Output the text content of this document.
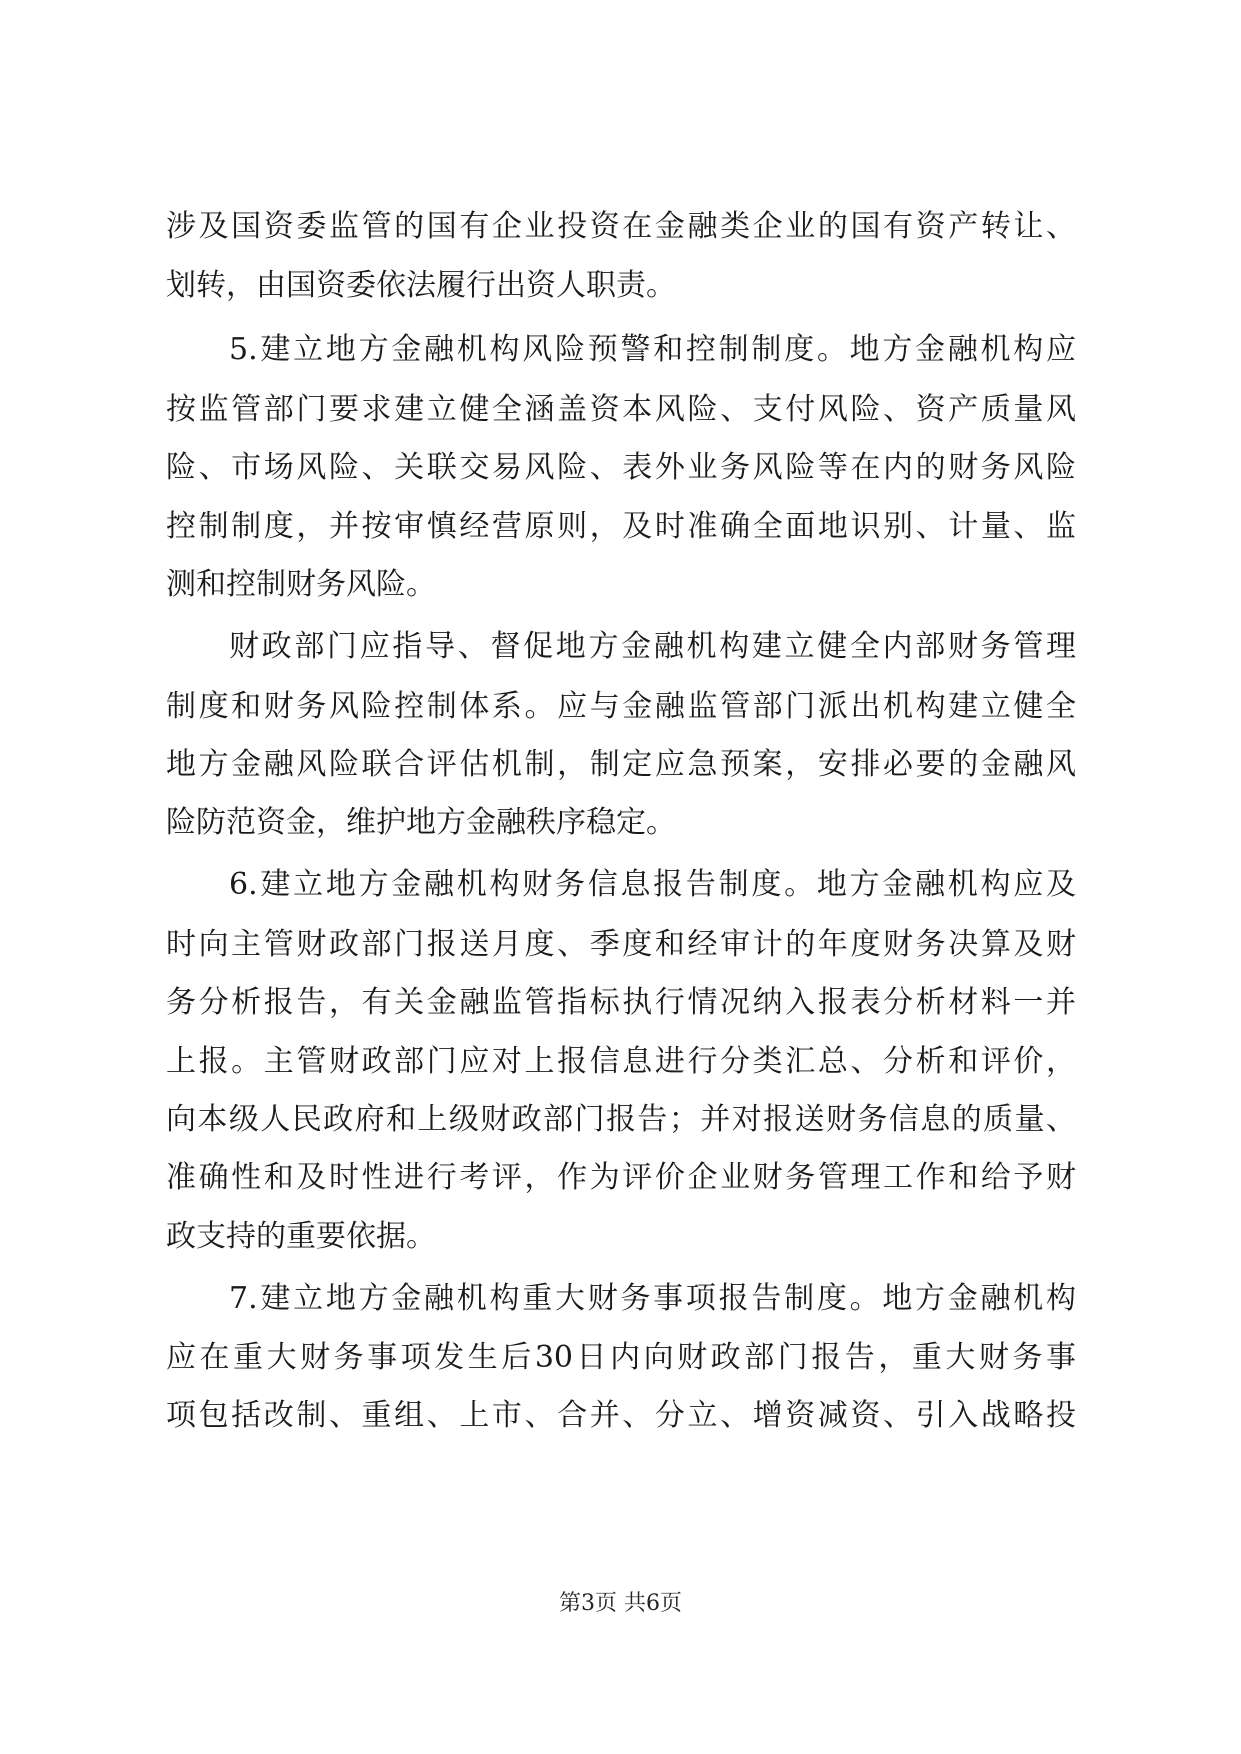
涉及国资委监管的国有企业投资在金融类企业的国有资产转让、
划转，由国资委依法履行出资人职责。
5.建立地方金融机构风险预警和控制制度。地方金融机构应
按监管部门要求建立健全涵盖资本风险、支付风险、资产质量风
险、市场风险、关联交易风险、表外业务风险等在内的财务风险
控制制度，并按审慎经营原则，及时准确全面地识别、计量、监
测和控制财务风险。
财政部门应指导、督促地方金融机构建立健全内部财务管理
制度和财务风险控制体系。应与金融监管部门派出机构建立健全
地方金融风险联合评估机制，制定应急预案，安排必要的金融风
险防范资金，维护地方金融秩序稳定。
6.建立地方金融机构财务信息报告制度。地方金融机构应及
时向主管财政部门报送月度、季度和经审计的年度财务决算及财
务分析报告，有关金融监管指标执行情况纳入报表分析材料一并
上报。主管财政部门应对上报信息进行分类汇总、分析和评价，
向本级人民政府和上级财政部门报告；并对报送财务信息的质量、
准确性和及时性进行考评，作为评价企业财务管理工作和给予财
政支持的重要依据。
7.建立地方金融机构重大财务事项报告制度。地方金融机构
应在重大财务事项发生后30日内向财政部门报告，重大财务事
项包括改制、重组、上市、合并、分立、增资减资、引入战略投
第3页 共6页
